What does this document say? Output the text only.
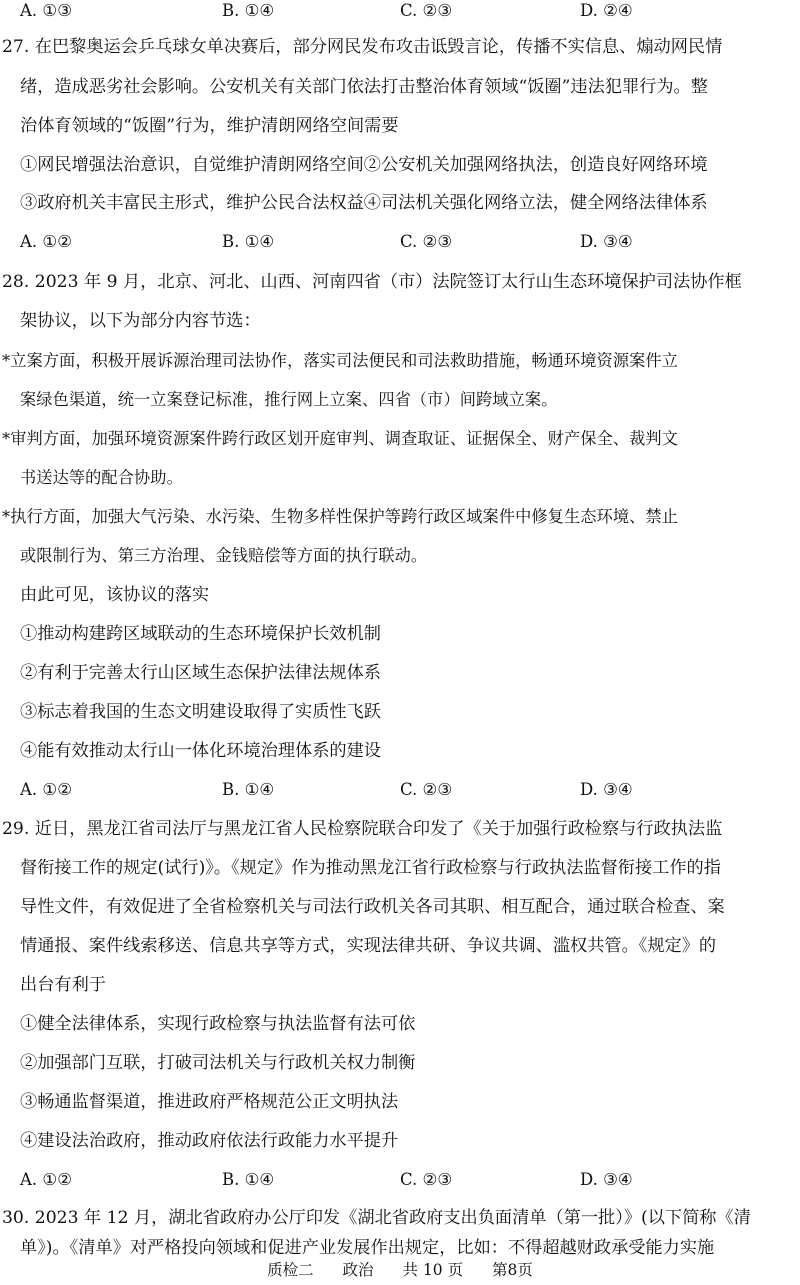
A. ①③	B. ①④	C. ②③	D. ②④
27. 在巴黎奥运会乒乓球女单决赛后，部分网民发布攻击诋毁言论，传播不实信息、煽动网民情
绪，造成恶劣社会影响。公安机关有关部门依法打击整治体育领域“饭圈”违法犯罪行为。整
治体育领域的“饭圈”行为，维护清朗网络空间需要
①网民增强法治意识，自觉维护清朗网络空间②公安机关加强网络执法，创造良好网络环境
③政府机关丰富民主形式，维护公民合法权益④司法机关强化网络立法，健全网络法律体系
A. ①②	B. ①④	C. ②③	D. ③④
28. 2023 年 9 月，北京、河北、山西、河南四省（市）法院签订太行山生态环境保护司法协作框
架协议，以下为部分内容节选：
*立案方面，积极开展诉源治理司法协作，落实司法便民和司法救助措施，畅通环境资源案件立
案绿色渠道，统一立案登记标准，推行网上立案、四省（市）间跨域立案。
*审判方面，加强环境资源案件跨行政区划开庭审判、调查取证、证据保全、财产保全、裁判文
书送达等的配合协助。
*执行方面，加强大气污染、水污染、生物多样性保护等跨行政区域案件中修复生态环境、禁止
或限制行为、第三方治理、金钱赔偿等方面的执行联动。
由此可见，该协议的落实
①推动构建跨区域联动的生态环境保护长效机制
②有利于完善太行山区域生态保护法律法规体系
③标志着我国的生态文明建设取得了实质性飞跃
④能有效推动太行山一体化环境治理体系的建设
A. ①②	B. ①④	C. ②③	D. ③④
29. 近日，黑龙江省司法厅与黑龙江省人民检察院联合印发了《关于加强行政检察与行政执法监
督衔接工作的规定(试行)》。《规定》作为推动黑龙江省行政检察与行政执法监督衔接工作的指
导性文件，有效促进了全省检察机关与司法行政机关各司其职、相互配合，通过联合检查、案
情通报、案件线索移送、信息共享等方式，实现法律共研、争议共调、滥权共管。《规定》的
出台有利于
①健全法律体系，实现行政检察与执法监督有法可依
②加强部门互联，打破司法机关与行政机关权力制衡
③畅通监督渠道，推进政府严格规范公正文明执法
④建设法治政府，推动政府依法行政能力水平提升
A. ①②	B. ①④	C. ②③	D. ③④
30. 2023 年 12 月，湖北省政府办公厅印发《湖北省政府支出负面清单（第一批）》(以下简称《清
单》)。《清单》对严格投向领域和促进产业发展作出规定，比如：不得超越财政承受能力实施
质检二 政治 共 10 页 第8页
